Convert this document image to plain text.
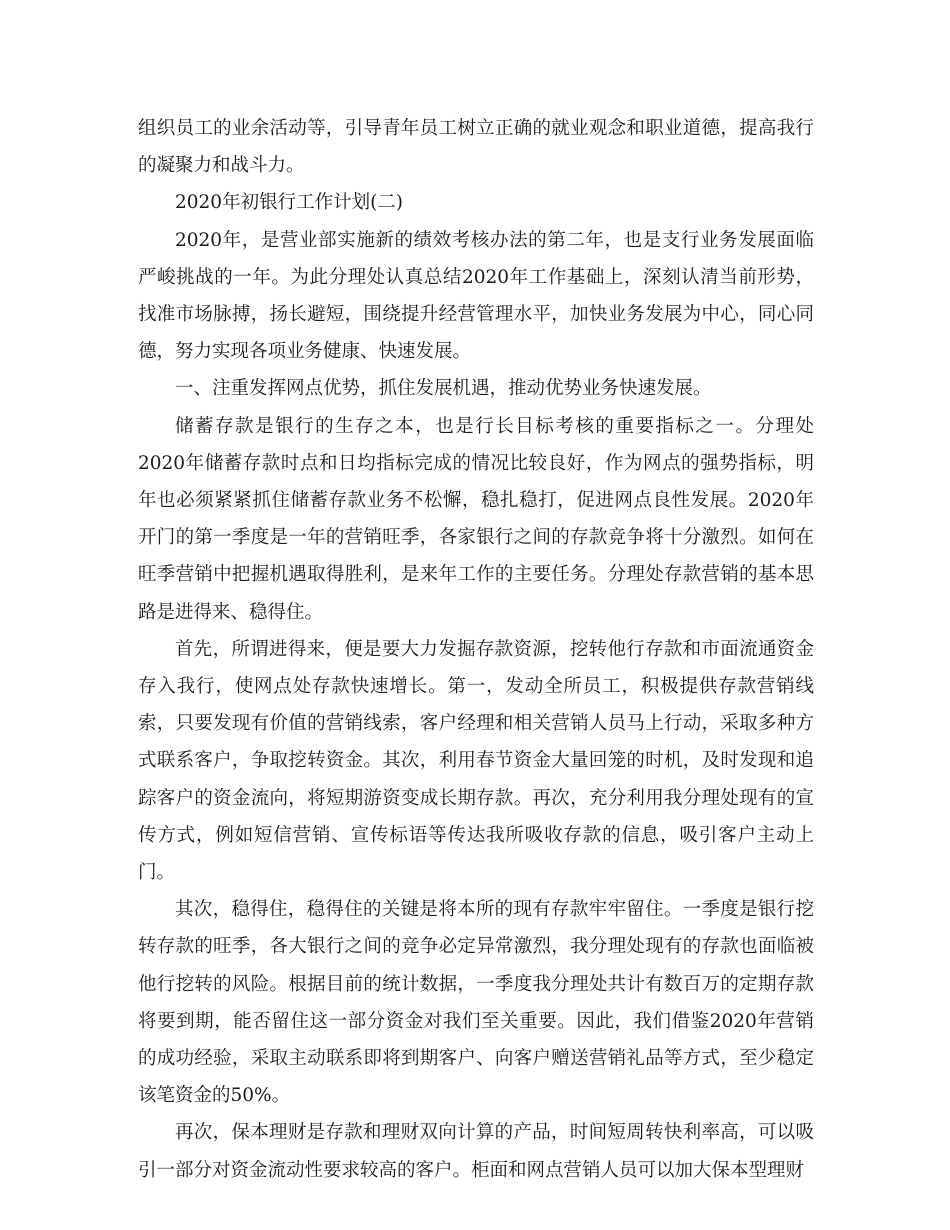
组织员工的业余活动等，引导青年员工树立正确的就业观念和职业道德，提高我行的凝聚力和战斗力。

2020年初银行工作计划(二)

2020年，是营业部实施新的绩效考核办法的第二年，也是支行业务发展面临严峻挑战的一年。为此分理处认真总结2020年工作基础上，深刻认清当前形势，找准市场脉搏，扬长避短，围绕提升经营管理水平，加快业务发展为中心，同心同德，努力实现各项业务健康、快速发展。

一、注重发挥网点优势，抓住发展机遇，推动优势业务快速发展。

储蓄存款是银行的生存之本，也是行长目标考核的重要指标之一。分理处2020年储蓄存款时点和日均指标完成的情况比较良好，作为网点的强势指标，明年也必须紧紧抓住储蓄存款业务不松懈，稳扎稳打，促进网点良性发展。2020年开门的第一季度是一年的营销旺季，各家银行之间的存款竞争将十分激烈。如何在旺季营销中把握机遇取得胜利，是来年工作的主要任务。分理处存款营销的基本思路是进得来、稳得住。

首先，所谓进得来，便是要大力发掘存款资源，挖转他行存款和市面流通资金存入我行，使网点处存款快速增长。第一，发动全所员工，积极提供存款营销线索，只要发现有价值的营销线索，客户经理和相关营销人员马上行动，采取多种方式联系客户，争取挖转资金。其次，利用春节资金大量回笼的时机，及时发现和追踪客户的资金流向，将短期游资变成长期存款。再次，充分利用我分理处现有的宣传方式，例如短信营销、宣传标语等传达我所吸收存款的信息，吸引客户主动上门。

其次，稳得住，稳得住的关键是将本所的现有存款牢牢留住。一季度是银行挖转存款的旺季，各大银行之间的竞争必定异常激烈，我分理处现有的存款也面临被他行挖转的风险。根据目前的统计数据，一季度我分理处共计有数百万的定期存款将要到期，能否留住这一部分资金对我们至关重要。因此，我们借鉴2020年营销的成功经验，采取主动联系即将到期客户、向客户赠送营销礼品等方式，至少稳定该笔资金的50%。

再次，保本理财是存款和理财双向计算的产品，时间短周转快利率高，可以吸引一部分对资金流动性要求较高的客户。柜面和网点营销人员可以加大保本型理财
